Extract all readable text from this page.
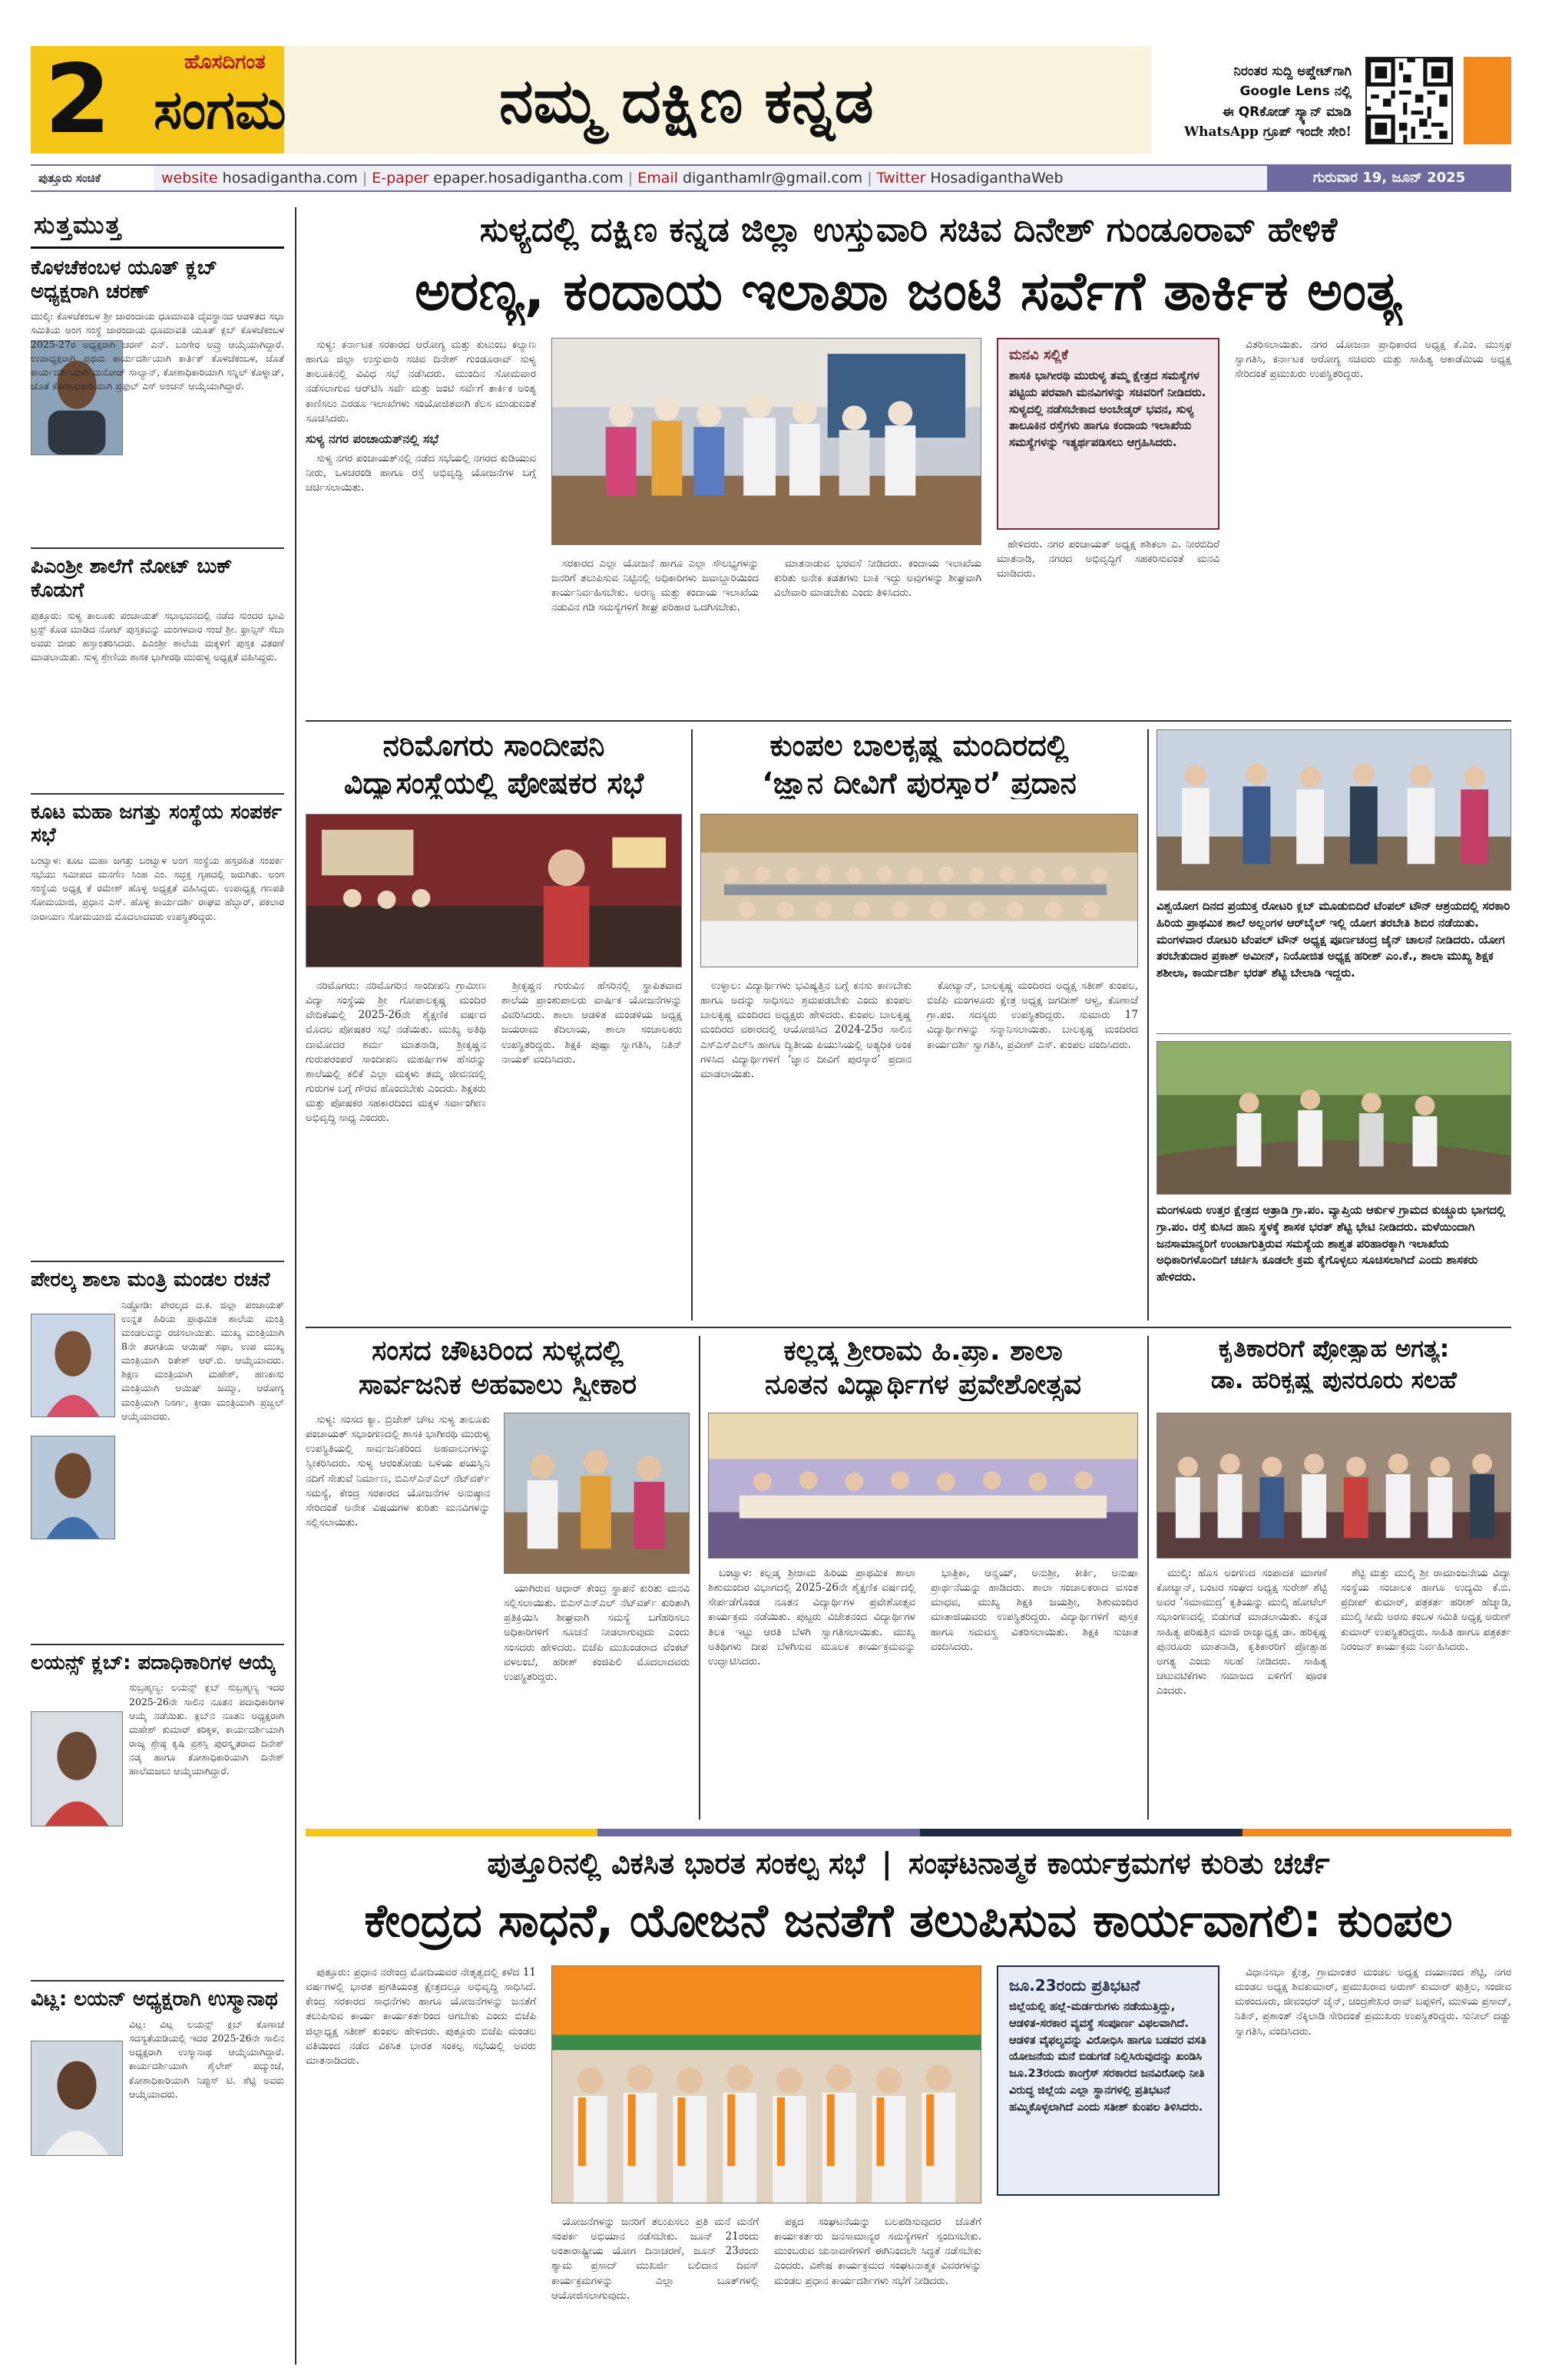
2	ಹೊಸದಿಗಂತ
ಸಂಗಮ	ನಮ್ಮ ದಕ್ಷಿಣ ಕನ್ನಡ	ನಿರಂತರ ಸುದ್ದಿ ಅಪ್ಡೇಟ್‌ಗಾಗಿ
Google Lens ನಲ್ಲಿ
ಈ QRಕೋಡ್ ಸ್ಕ್ಯಾನ್ ಮಾಡಿ
WhatsApp ಗ್ರೂಪ್ ಇಂದೇ ಸೇರಿ!
ಪುತ್ತೂರು ಸಂಚಿಕೆ	website hosadigantha.com | E-paper epaper.hosadigantha.com | Email diganthamlr@gmail.com | Twitter HosadiganthaWeb	ಗುರುವಾರ 19, ಜೂನ್ 2025
ಸುತ್ತಮುತ್ತ
ಕೊಳಚೆಕಂಬಳ ಯೂತ್ ಕ್ಲಬ್ ಅಧ್ಯಕ್ಷರಾಗಿ ಚರಣ್
ಮುಲ್ಕಿ: ಕೊಳಚೆಕಂಬಳ ಶ್ರೀ ಜಾರಂದಾಯ ಧೂಮಾವತಿ ದೈವಸ್ಥಾನದ ಆಡಳಿತದ ಸಭಾ ಸಮಿತಿಯ ಅಂಗ ಸಂಸ್ಥೆ ಜಾರಂದಾಯ ಧೂಮಾವತಿ ಯೂತ್ ಕ್ಲಬ್ ಕೊಳಚೆಕಂಬಳ 2025-27ರ ಅಧ್ಯಕ್ಷರಾಗಿ ಚರಣ್ ಎನ್. ಬಂಗೇರ ಅವ್ರು ಆಯ್ಕೆಯಾಗಿದ್ದಾರೆ. ಉಪಾಧ್ಯಕ್ಷರಾಗಿ ಪ್ರಥಮ ಕಾರ್ಯದರ್ಶಿಯಾಗಿ ಕಾರ್ತಿಕ್ ಕೊಳಚೆಕಂಬಳ, ಜೊತೆ ಕಾರ್ಯದರ್ಶಿಯಾಗಿ ಮನೋಜ್ ಸಾಲ್ಯಾನ್, ಕೋಶಾಧಿಕಾರಿಯಾಗಿ ಸನ್ನಿಲ್ ಕೊಳ್ನಾಡ್, ಜೊತೆ ಕೋಶಾಧಿಕಾರಿಯಾಗಿ ಪ್ರಫುಲ್ ಎಸ್ ಅಂಚನ್ ಆಯ್ಕೆಯಾಗಿದ್ದಾರೆ.
ಪಿಎಂಶ್ರೀ ಶಾಲೆಗೆ ನೋಟ್ ಬುಕ್ ಕೊಡುಗೆ
ಪುತ್ತೂರು: ಸುಳ್ಯ ತಾಲೂಕು ಪಂಚಾಯತ್ ಸಭಾಭವನದಲ್ಲಿ ನಡೆದ ಸುಂದರ ಭಾವಿ ಟ್ರಸ್ಟ್ ಕೊಡ ಮಾಡಿದ ನೋಟ್ ಪುಸ್ತಕವನ್ನು ಮಂಗಳವಾರ ಸಂಜೆ ಶ್ರೀ. ಫ್ರಾನ್ಸಿಸ್ ಸೆಬಾ ಅವರು ಬೀಡು ಹಸ್ತಾಂತರಿಸಿದರು. ಪಿಎಂಶ್ರೀ ಶಾಲೆಯ ಮಕ್ಕಳಿಗೆ ಪುಸ್ತಕ ವಿತರಣೆ ಮಾಡಲಾಯಿತು. ಸುಳ್ಯ ಶ್ರೇಣಿಯ ಶಾಸಕ ಭಾಗೀರಥಿ ಮುರುಳ್ಯ ಅಧ್ಯಕ್ಷತೆ ವಹಿಸಿದ್ದರು.
ಕೂಟ ಮಹಾ ಜಗತ್ತು ಸಂಸ್ಥೆಯ ಸಂಪರ್ಕ ಸಭೆ
ಬಂಟ್ವಾಳ: ಕೂಟ ಮಹಾ ಜಗತ್ತು ಬಂಟ್ವಾಳ ಅಂಗ ಸಂಸ್ಥೆಯ ಹಸ್ತರಹಿತ ಸಂಪರ್ಕ ಸಭೆಯು ಸಮೀಪದ ಮನಗೆಣ ಸಿಂಹ ಎಂ. ಸದ್ಭಕ್ತ ಗೃಹದಲ್ಲಿ ಜರುಗಿತು. ಅಂಗ ಸಂಸ್ಥೆಯ ಅಧ್ಯಕ್ಷ ಕೆ ರಮೇಶ್ ಹೊಳ್ಳ ಅಧ್ಯಕ್ಷತೆ ವಹಿಸಿದ್ದರು. ಉಪಾಧ್ಯಕ್ಷ ಗಣಪತಿ ಸೋಮಯಾಜಿ, ಪ್ರಧಾನ ಎಸ್. ಹೊಳ್ಳ ಕಾರ್ಯದರ್ಶಿ ರಾಘವ ಹೆಬ್ಬಾರ್, ಪಕಲಾರ ನಾರಾಯಣ ಸೋಮಯಾಜಿ ಮೊದಲಾದವರು ಉಪಸ್ಥಿತರಿದ್ದರು.
ಪೇರಲ್ಕ ಶಾಲಾ ಮಂತ್ರಿ ಮಂಡಲ ರಚನೆ
ನಿಡ್ಡೋಡಿ: ಪೇರಲ್ಕದ ದ.ಕ. ಜಿಲ್ಲಾ ಪಂಚಾಯತ್ ಉನ್ನತ ಹಿರಿಯ ಪ್ರಾಥಮಿಕ ಶಾಲೆಯ ಮಂತ್ರಿ ಮಂಡಲವನ್ನು ರಚಿಸಲಾಯಿತು. ಮುಖ್ಯ ಮಂತ್ರಿಯಾಗಿ 8ನೇ ತರಗತಿಯ ಆಯಿಷ್ ಸಫಾ, ಉಪ ಮುಖ್ಯ ಮಂತ್ರಿಯಾಗಿ ರಿತೇಶ್ ಆರ್.ಬಿ. ಆಯ್ಕೆಯಾದರು. ಶಿಕ್ಷಣ ಮಂತ್ರಿಯಾಗಿ ಮಹೇಶ್, ಹಣಕಾಸು ಮಂತ್ರಿಯಾಗಿ ಆಯಿಷ್ ಜಮ್ಮಾ, ಆರೋಗ್ಯ ಮಂತ್ರಿಯಾಗಿ ನಿಸರ್ಗ, ಕ್ರೀಡಾ ಮಂತ್ರಿಯಾಗಿ ಪ್ರಜ್ವಲ್ ಆಯ್ಕೆಯಾದರು.
ಲಯನ್ಸ್ ಕ್ಲಬ್: ಪದಾಧಿಕಾರಿಗಳ ಆಯ್ಕೆ
ಸುಬ್ರಹ್ಮಣ್ಯ: ಲಯನ್ಸ್ ಕ್ಲಬ್ ಸುಬ್ರಹ್ಮಣ್ಯ ಇದರ 2025-26ನೇ ಸಾಲಿನ ನೂತನ ಪದಾಧಿಕಾರಿಗಳ ಆಯ್ಕೆ ನಡೆಯಿತು. ಕ್ಲಬ್‌ನ ನೂತನ ಅಧ್ಯಕ್ಷರಾಗಿ ಮಹೇಶ್ ಕುಮಾರ್ ಕರಿಕ್ಕಳ, ಕಾರ್ಯದರ್ಶಿಯಾಗಿ ರಾಜ್ಯ ಶ್ರೇಷ್ಠ ಕೃಷಿ ಪ್ರಶಸ್ತಿ ಪುರಸ್ಕೃತರಾದ ದಿನೇಶ್ ನಡ್ಕ ಹಾಗೂ ಕೋಶಾಧಿಕಾರಿಯಾಗಿ ದಿನೇಶ್ ಹಾಲೆಮಜಲು ಆಯ್ಕೆಯಾಗಿದ್ದಾರೆ.
ವಿಟ್ಲ: ಲಯನ್ ಅಧ್ಯಕ್ಷರಾಗಿ ಉಸ್ಮಾನಾಥ
ವಿಟ್ಲ: ವಿಟ್ಲ ಲಯನ್ಸ್ ಕ್ಲಬ್ ಕೊಣಾಜೆ ಸದಸ್ಯತೆಯಡಿಯಲ್ಲಿ ಇದರ 2025-26ನೇ ಸಾಲಿನ ಅಧ್ಯಕ್ಷರಾಗಿ ಉಸ್ಮಾನಾಥ ಆಯ್ಕೆಯಾಗಿದ್ದಾರೆ. ಕಾರ್ಯದರ್ಶಿಯಾಗಿ ಶೈಲೇಶ್ ಪದ್ಮುಂಜೆ, ಕೋಶಾಧಿಕಾರಿಯಾಗಿ ನಿಪ್ಪುಸ್ ಟಿ. ಶೆಟ್ಟಿ ಅವರು ಆಯ್ಕೆಯಾದರು.
ಸುಳ್ಯದಲ್ಲಿ ದಕ್ಷಿಣ ಕನ್ನಡ ಜಿಲ್ಲಾ ಉಸ್ತುವಾರಿ ಸಚಿವ ದಿನೇಶ್ ಗುಂಡೂರಾವ್ ಹೇಳಿಕೆ
ಅರಣ್ಯ, ಕಂದಾಯ ಇಲಾಖಾ ಜಂಟಿ ಸರ್ವೆಗೆ ತಾರ್ಕಿಕ ಅಂತ್ಯ

ಸುಳ್ಯ: ಕರ್ನಾಟಕ ಸರಕಾರದ ಆರೋಗ್ಯ ಮತ್ತು ಕುಟುಂಬ ಕಲ್ಯಾಣ ಹಾಗೂ ಜಿಲ್ಲಾ ಉಸ್ತುವಾರಿ ಸಚಿವ ದಿನೇಶ್ ಗುಂಡೂರಾವ್ ಸುಳ್ಯ ತಾಲೂಕಿನಲ್ಲಿ ವಿವಿಧ ಸಭೆ ನಡೆಸಿದರು. ಮುಂದಿನ ಸೋಮವಾರ ನಡೆಸಲಾಗುವ ಆರ್‌ಟಿಸಿ ಸರ್ವೆ ಮತ್ತು ಜಂಟಿ ಸರ್ವೆಗೆ ತಾರ್ಕಿಕ ಅಂತ್ಯ ಕಾಣಿಸಲು ಎರಡೂ ಇಲಾಖೆಗಳು ಸಂಯೋಜಿತವಾಗಿ ಕೆಲಸ ಮಾಡುವಂತೆ ಸೂಚಿಸಿದರು.

ಸುಳ್ಯ ನಗರ ಪಂಚಾಯತ್‌ನಲ್ಲಿ ಸಭೆ

ಸುಳ್ಯ ನಗರ ಪಂಚಾಯತ್‌ನಲ್ಲಿ ನಡೆದ ಸಭೆಯಲ್ಲಿ ನಗರದ ಕುಡಿಯುವ ನೀರು, ಒಳಚರಂಡಿ ಹಾಗೂ ರಸ್ತೆ ಅಭಿವೃದ್ಧಿ ಯೋಜನೆಗಳ ಬಗ್ಗೆ ಚರ್ಚಿಸಲಾಯಿತು.

ಸರಕಾರದ ಎಲ್ಲಾ ಯೋಜನೆ ಹಾಗೂ ಎಲ್ಲಾ ಸೌಲಭ್ಯಗಳನ್ನು ಜನರಿಗೆ ತಲುಪಿಸುವ ನಿಟ್ಟಿನಲ್ಲಿ ಅಧಿಕಾರಿಗಳು ಜವಾಬ್ದಾರಿಯಿಂದ ಕಾರ್ಯನಿರ್ವಹಿಸಬೇಕು. ಅರಣ್ಯ ಮತ್ತು ಕಂದಾಯ ಇಲಾಖೆಯ ನಡುವಿನ ಗಡಿ ಸಮಸ್ಯೆಗಳಿಗೆ ಶೀಘ್ರ ಪರಿಹಾರ ಒದಗಿಸಬೇಕು.

ಮಾತನಾಡುವ ಭರವಸೆ ನೀಡಿದರು. ಕಂದಾಯ ಇಲಾಖೆಯ ಕುರಿತು ಅನೇಕ ಕಡತಗಳು ಬಾಕಿ ಇದ್ದು ಅವುಗಳನ್ನು ಶೀಘ್ರವಾಗಿ ವಿಲೇವಾರಿ ಮಾಡಬೇಕು ಎಂದು ತಿಳಿಸಿದರು.

ಮನವಿ ಸಲ್ಲಿಕೆ
ಶಾಸಕಿ ಭಾಗೀರಥಿ ಮುರುಳ್ಯ ತಮ್ಮ ಕ್ಷೇತ್ರದ ಸಮಸ್ಯೆಗಳ ಪಟ್ಟಿಯ ಪರವಾಗಿ ಮನವಿಗಳನ್ನು ಸಚಿವರಿಗೆ ನೀಡಿದರು. ಸುಳ್ಯದಲ್ಲಿ ನಡೆಸಬೇಕಾದ ಅಂಬೇಡ್ಕರ್ ಭವನ, ಸುಳ್ಯ ತಾಲೂಕಿನ ರಸ್ತೆಗಳು ಹಾಗೂ ಕಂದಾಯ ಇಲಾಖೆಯ ಸಮಸ್ಯೆಗಳನ್ನು ಇತ್ಯರ್ಥಪಡಿಸಲು ಆಗ್ರಹಿಸಿದರು.

ಹೇಳಿದರು. ನಗರ ಪಂಚಾಯತ್ ಅಧ್ಯಕ್ಷ ಶಶಿಕಲಾ ಎ. ನೀರಬಿದಿರೆ ಮಾತನಾಡಿ, ನಗರದ ಅಭಿವೃದ್ಧಿಗೆ ಸಹಕರಿಸುವಂತೆ ಮನವಿ ಮಾಡಿದರು.

ವಿತರಿಸಲಾಯಿತು. ನಗರ ಯೋಜನಾ ಪ್ರಾಧಿಕಾರದ ಅಧ್ಯಕ್ಷ ಕೆ.ಎಂ. ಮುಸ್ತಫ ಸ್ವಾಗತಿಸಿ, ಕರ್ನಾಟಕ ಆರೋಗ್ಯ ಸಚಿವರು ಮತ್ತು ಸಾಹಿತ್ಯ ಆಕಾಡೆಮಿಯ ಅಧ್ಯಕ್ಷ ಸೇರಿದಂತೆ ಪ್ರಮುಖರು ಉಪಸ್ಥಿತರಿದ್ದರು.

ನರಿಮೊಗರು ಸಾಂದೀಪನಿ
ವಿದ್ಯಾಸಂಸ್ಥೆಯಲ್ಲಿ ಪೋಷಕರ ಸಭೆ

ನರಿಮೊಗರು: ನರಿಮೊಗರಿನ ಸಾಂದೀಪನಿ ಗ್ರಾಮೀಣ ವಿದ್ಯಾ ಸಂಸ್ಥೆಯ ಶ್ರೀ ಗೋಪಾಲಕೃಷ್ಣ ಮಂದಿರ ವೇದಿಕೆಯಲ್ಲಿ 2025-26ನೇ ಶೈಕ್ಷಣಿಕ ವರ್ಷದ ಮೊದಲ ಪೋಷಕರ ಸಭೆ ನಡೆಯಿತು. ಮುಖ್ಯ ಅತಿಥಿ ದಾಮೋದರ ಶರ್ಮ ಮಾತನಾಡಿ, ಶ್ರೀಕೃಷ್ಣನ ಗುರುಪರಂಪರೆ ಸಾಂದೀಪನಿ ಮಹರ್ಷಿಗಳ ಹೆಸರನ್ನು ಶಾಲೆಯಲ್ಲಿ ಕಲಿಕೆ ಎಲ್ಲಾ ಮಕ್ಕಳು ತಮ್ಮ ಜೀವನದಲ್ಲಿ ಗುರುಗಳ ಬಗ್ಗೆ ಗೌರವ ಹೊಂದಬೇಕು ಎಂದರು. ಶಿಕ್ಷಕರು ಮತ್ತು ಪೋಷಕರ ಸಹಕಾರದಿಂದ ಮಕ್ಕಳ ಸರ್ವಾಂಗೀಣ ಅಭಿವೃದ್ಧಿ ಸಾಧ್ಯ ಎಂದರು.

ಶ್ರೀಕೃಷ್ಣನ ಗುರುವಿನ ಹೆಸರಿನಲ್ಲಿ ಸ್ಥಾಪಿತವಾದ ಶಾಲೆಯ ಪ್ರಾಂಶುಪಾಲರು ವಾರ್ಷಿಕ ಯೋಜನೆಗಳನ್ನು ವಿವರಿಸಿದರು. ಶಾಲಾ ಆಡಳಿತ ಮಂಡಳಿಯ ಅಧ್ಯಕ್ಷ ಜಯರಾಮ ಕೆದಿಲಾಯ, ಶಾಲಾ ಸಂಚಾಲಕರು ಉಪಸ್ಥಿತರಿದ್ದರು. ಶಿಕ್ಷಕಿ ಪುಷ್ಪಾ ಸ್ವಾಗತಿಸಿ, ನಿತಿನ್ ನಾಯಕ್ ವಂದಿಸಿದರು.

ಕುಂಪಲ ಬಾಲಕೃಷ್ಣ ಮಂದಿರದಲ್ಲಿ
‘ಜ್ಞಾನ ದೀವಿಗೆ ಪುರಸ್ಕಾರ’ ಪ್ರದಾನ

ಉಳ್ಳಾಲ: ವಿದ್ಯಾರ್ಥಿಗಳು ಭವಿಷ್ಯತ್ತಿನ ಬಗ್ಗೆ ಕನಸು ಕಾಣಬೇಕು ಹಾಗೂ ಅದನ್ನು ಸಾಧಿಸಲು ಶ್ರಮಪಡಬೇಕು ಎಂದು ಕುಂಪಲ ಬಾಲಕೃಷ್ಣ ಮಂದಿರದ ಅಧ್ಯಕ್ಷರು ಹೇಳಿದರು. ಕುಂಪಲ ಬಾಲಕೃಷ್ಣ ಮಂದಿರದ ವಠಾರದಲ್ಲಿ ಆಯೋಜಿಸಿದ 2024-25ರ ಸಾಲಿನ ಎಸ್ಎಸ್ಎಲ್‌ಸಿ ಹಾಗೂ ದ್ವಿತೀಯ ಪಿಯುಸಿಯಲ್ಲಿ ಅತ್ಯಧಿಕ ಅಂಕ ಗಳಿಸಿದ ವಿದ್ಯಾರ್ಥಿಗಳಿಗೆ ‘ಜ್ಞಾನ ದೀವಿಗೆ ಪುರಸ್ಕಾರ’ ಪ್ರದಾನ ಮಾಡಲಾಯಿತು.

ಕೋಟ್ಯಾನ್, ಬಾಲಕೃಷ್ಣ ಮಂದಿರದ ಅಧ್ಯಕ್ಷ ಸತೀಶ್ ಕುಂಪಲ, ಬಿಜೆಪಿ ಮಂಗಳೂರು ಕ್ಷೇತ್ರ ಅಧ್ಯಕ್ಷ ಜಗದೀಶ್ ಆಳ್ವ, ಕೊಣಾಜೆ ಗ್ರಾ.ಪಂ. ಸದಸ್ಯರು ಉಪಸ್ಥಿತರಿದ್ದರು. ಸುಮಾರು 17 ವಿದ್ಯಾರ್ಥಿಗಳನ್ನು ಸನ್ಮಾನಿಸಲಾಯಿತು. ಬಾಲಕೃಷ್ಣ ಮಂದಿರದ ಕಾರ್ಯದರ್ಶಿ ಸ್ವಾಗತಿಸಿ, ಪ್ರವೀಣ್ ಎಸ್. ಕುಂಪಲ ವಂದಿಸಿದರು.

ವಿಶ್ವಯೋಗ ದಿನದ ಪ್ರಯುಕ್ತ ರೋಟರಿ ಕ್ಲಬ್ ಮೂಡುಬಿದಿರೆ ಟೆಂಪಲ್ ಟೌನ್ ಆಶ್ರಯದಲ್ಲಿ ಸರಕಾರಿ ಹಿರಿಯ ಪ್ರಾಥಮಿಕ ಶಾಲೆ ಅಲ್ಲಂಗಳ ಆರ್‌ಬೈಲ್ ಇಲ್ಲಿ ಯೋಗ ತರಬೇತಿ ಶಿಬಿರ ನಡೆಯಿತು. ಮಂಗಳವಾರ ರೋಟರಿ ಟೆಂಪಲ್ ಟೌನ್ ಅಧ್ಯಕ್ಷ ಪೂರ್ಣಚಂದ್ರ ಜೈನ್ ಚಾಲನೆ ನೀಡಿದರು. ಯೋಗ ತರಬೇತುದಾರ ಪ್ರಕಾಶ್ ಅಮೀನ್, ನಿಯೋಜಿತ ಅಧ್ಯಕ್ಷ ಹರೀಶ್ ಎಂ.ಕೆ., ಶಾಲಾ ಮುಖ್ಯ ಶಿಕ್ಷಕ ಶಶೀಲಾ, ಕಾರ್ಯದರ್ಶಿ ಭರತ್ ಶೆಟ್ಟಿ ಬೇಲಾಡಿ ಇದ್ದರು.
ಮಂಗಳೂರು ಉತ್ತರ ಕ್ಷೇತ್ರದ ಅತ್ರಾಡಿ ಗ್ರಾ.ಪಂ. ವ್ಯಾಪ್ತಿಯ ಆರ್ಕುಳ ಗ್ರಾಮದ ಕುಚ್ಚೂರು ಭಾಗದಲ್ಲಿ ಗ್ರಾ.ಪಂ. ರಸ್ತೆ ಕುಸಿದ ಹಾನಿ ಸ್ಥಳಕ್ಕೆ ಶಾಸಕ ಭರತ್ ಶೆಟ್ಟಿ ಭೇಟಿ ನೀಡಿದರು. ಮಳೆಯಿಂದಾಗಿ ಜನಸಾಮಾನ್ಯರಿಗೆ ಉಂಟಾಗುತ್ತಿರುವ ಸಮಸ್ಯೆಯ ಶಾಶ್ವತ ಪರಿಹಾರಕ್ಕಾಗಿ ಇಲಾಖೆಯ ಅಧಿಕಾರಿಗಳೊಂದಿಗೆ ಚರ್ಚಿಸಿ ಕೂಡಲೇ ಕ್ರಮ ಕೈಗೊಳ್ಳಲು ಸೂಚಿಸಲಾಗಿದೆ ಎಂದು ಶಾಸಕರು ಹೇಳಿದರು.
ಸಂಸದ ಚೌಟರಿಂದ ಸುಳ್ಯದಲ್ಲಿ
ಸಾರ್ವಜನಿಕ ಅಹವಾಲು ಸ್ವೀಕಾರ

ಸುಳ್ಯ: ಸಂಸದ ಕ್ಯಾ. ಬ್ರಿಜೇಶ್ ಚೌಟ ಸುಳ್ಯ ತಾಲೂಕು ಪಂಚಾಯತ್ ಸಭಾಂಗಣದಲ್ಲಿ ಶಾಸಕಿ ಭಾಗೀರಥಿ ಮುರುಳ್ಯ ಉಪಸ್ಥಿತಿಯಲ್ಲಿ ಸಾರ್ವಜನಿಕರಿಂದ ಅಹವಾಲುಗಳನ್ನು ಸ್ವೀಕರಿಸಿದರು. ಸುಳ್ಯ ಆರಂತೋಡು ಬಳಿಯ ಪಯಸ್ವಿನಿ ನದಿಗೆ ಸೇತುವೆ ನಿರ್ಮಾಣ, ಬಿಎಸ್‌ಎನ್‌ಎಲ್ ನೆಟ್‌ವರ್ಕ್ ಸಮಸ್ಯೆ, ಕೇಂದ್ರ ಸರಕಾರದ ಯೋಜನೆಗಳ ಅನುಷ್ಠಾನ ಸೇರಿದಂತೆ ಅನೇಕ ವಿಷಯಗಳ ಕುರಿತು ಮನವಿಗಳನ್ನು ಸಲ್ಲಿಸಲಾಯಿತು.

ಯಾಗಿರುವ ಆಧಾರ್ ಕೇಂದ್ರ ಸ್ಥಾಪನೆ ಕುರಿತು ಮನವಿ ಸಲ್ಲಿಸಲಾಯಿತು. ಬಿಎಸ್‌ಎನ್‌ಎಲ್ ನೆಟ್‌ವರ್ಕ್ ಕುರಿತಾಗಿ ಪ್ರತಿಕ್ರಿಯಿಸಿ ಶೀಘ್ರವಾಗಿ ಸಮಸ್ಯೆ ಬಗೆಹರಿಸಲು ಅಧಿಕಾರಿಗಳಿಗೆ ಸೂಚನೆ ನೀಡಲಾಗುವುದು ಎಂದು ಸಂಸದರು ಹೇಳಿದರು. ಬಿಜೆಪಿ ಮುಖಂಡರಾದ ವೆಂಕಟ್ ವಳಲಂಬೆ, ಹರೀಶ್ ಕಂಜಿಪಿಲಿ ಮೊದಲಾದವರು ಉಪಸ್ಥಿತರಿದ್ದರು.

ಕಲ್ಲಡ್ಕ ಶ್ರೀರಾಮ ಹಿ.ಪ್ರಾ. ಶಾಲಾ
ನೂತನ ವಿದ್ಯಾರ್ಥಿಗಳ ಪ್ರವೇಶೋತ್ಸವ

ಬಂಟ್ವಾಳ: ಕಲ್ಲಡ್ಕ ಶ್ರೀರಾಮ ಹಿರಿಯ ಪ್ರಾಥಮಿಕ ಶಾಲಾ ಶಿಶುಮಂದಿರ ವಿಭಾಗದಲ್ಲಿ 2025-26ನೇ ಶೈಕ್ಷಣಿಕ ವರ್ಷದಲ್ಲಿ ಸೇರ್ಪಡೆಗೊಂಡ ನೂತನ ವಿದ್ಯಾರ್ಥಿಗಳ ಪ್ರವೇಶೋತ್ಸವ ಕಾರ್ಯಕ್ರಮ ನಡೆಯಿತು. ಪುಟ್ಟರು ವಿಜೇತನಂದ ವಿದ್ಯಾರ್ಥಿಗಳ ತಿಲಕ ಇಟ್ಟು ಆರತಿ ಬೆಳಗಿ ಸ್ವಾಗತಿಸಲಾಯಿತು. ಮುಖ್ಯ ಅತಿಥಿಗಳು ದೀಪ ಬೆಳಗಿಸುವ ಮೂಲಕ ಕಾರ್ಯಕ್ರಮವನ್ನು ಉದ್ಘಾಟಿಸಿದರು.

ಭಾತ್ರಿಕಾ, ಆನ್ವಯ್, ಅನುಶ್ರೀ, ಕೀರ್ತಿ, ಅನುಷಾ ಪ್ರಾರ್ಥನೆಯನ್ನು ಹಾಡಿದರು. ಶಾಲಾ ಸಂಚಾಲಕರಾದ ವಸಂತ ಮಾಧವ, ಮುಖ್ಯ ಶಿಕ್ಷಕಿ ಜಯಶ್ರೀ, ಶಿಶುಮಂದಿರ ಮಾತಾಜಿಯವರು ಉಪಸ್ಥಿತರಿದ್ದರು. ವಿದ್ಯಾರ್ಥಿಗಳಿಗೆ ಪುಸ್ತಕ ಹಾಗೂ ಸಮವಸ್ತ್ರ ವಿತರಿಸಲಾಯಿತು. ಶಿಕ್ಷಕಿ ಸುಜಾತ ವಂದಿಸಿದರು.

ಕೃತಿಕಾರರಿಗೆ ಪ್ರೋತ್ಸಾಹ ಅಗತ್ಯ:
ಡಾ. ಹರಿಕೃಷ್ಣ ಪುನರೂರು ಸಲಹೆ

ಮುಲ್ಕಿ: ಹೊಸ ಅಂಗಣದ ಸಂಪಾದಕ ಮಾಗಣೆ ಕೋಟ್ಯಾನ್, ಬಂಟರ ಸಂಘದ ಅಧ್ಯಕ್ಷ ಸುರೇಶ್ ಶೆಟ್ಟಿ ಅವರ ‘ಸಮಾಮುದ್ರ’ ಕೃತಿಯನ್ನು ಮುಲ್ಕಿ ಹೋಟೆಲ್ ಸಭಾಂಗಣದಲ್ಲಿ ಬಿಡುಗಡೆ ಮಾಡಲಾಯಿತು. ಕನ್ನಡ ಸಾಹಿತ್ಯ ಪರಿಷತ್ತಿನ ಮಾಜಿ ರಾಜ್ಯಾಧ್ಯಕ್ಷ ಡಾ. ಹರಿಕೃಷ್ಣ ಪುನರೂರು ಮಾತನಾಡಿ, ಕೃತಿಕಾರರಿಗೆ ಪ್ರೋತ್ಸಾಹ ಅಗತ್ಯ ಎಂದು ಸಲಹೆ ನೀಡಿದರು. ಸಾಹಿತ್ಯ ಚಟುವಟಿಕೆಗಳು ಸಮಾಜದ ಏಳಿಗೆಗೆ ಪೂರಕ ಎಂದರು.

ಶೆಟ್ಟಿ ಮತ್ತು ಮುಲ್ಕಿ ಶ್ರೀ ರಾಮಾಂಜನೇಯ ವಿದ್ಯಾ ಸಂಸ್ಥೆಯ ಸಂಚಾಲಕ ಹಾಗೂ ಉದ್ಯಮಿ ಕೆ.ಬಿ. ಪ್ರದೀಪ್ ಕುಮಾರ್, ಪತ್ರಕರ್ತ ಹರೀಶ್ ಹೆಜ್ಮಾಡಿ, ಮುಲ್ಕಿ ಸೀಮೆ ಅರಸು ಕಂಬಳ ಸಮಿತಿ ಅಧ್ಯಕ್ಷ ಅರುಣ್ ಕುಮಾರ್ ಉಪಸ್ಥಿತರಿದ್ದರು. ಸಾಹಿತಿ ಹಾಗೂ ಪತ್ರಕರ್ತ ನಿರಂಜನ್ ಕಾರ್ಯಕ್ರಮ ನಿರ್ವಹಿಸಿದರು.

ಪುತ್ತೂರಿನಲ್ಲಿ ವಿಕಸಿತ ಭಾರತ ಸಂಕಲ್ಪ ಸಭೆ | ಸಂಘಟನಾತ್ಮಕ ಕಾರ್ಯಕ್ರಮಗಳ ಕುರಿತು ಚರ್ಚೆ
ಕೇಂದ್ರದ ಸಾಧನೆ, ಯೋಜನೆ ಜನತೆಗೆ ತಲುಪಿಸುವ ಕಾರ್ಯವಾಗಲಿ: ಕುಂಪಲ

ಪುತ್ತೂರು: ಪ್ರಧಾನ ನರೇಂದ್ರ ಮೋದಿಯವರ ನೇತೃತ್ವದಲ್ಲಿ ಕಳೆದ 11 ವರ್ಷಗಳಲ್ಲಿ ಭಾರತ ಪ್ರಗತಿಯಂತ್ರ ಕ್ಷೇತ್ರದಲ್ಲೂ ಅಭಿವೃದ್ಧಿ ಸಾಧಿಸಿದೆ. ಕೇಂದ್ರ ಸರಕಾರದ ಸಾಧನೆಗಳು ಹಾಗೂ ಯೋಜನೆಗಳನ್ನು ಜನತೆಗೆ ತಲುಪಿಸುವ ಕಾರ್ಯ ಕಾರ್ಯಕರ್ತರಿಂದ ಆಗಬೇಕು ಎಂದು ಬಿಜೆಪಿ ಜಿಲ್ಲಾಧ್ಯಕ್ಷ ಸತೀಶ್ ಕುಂಪಲ ಹೇಳಿದರು. ಪುತ್ತೂರು ಬಿಜೆಪಿ ಮಂಡಲ ವತಿಯಿಂದ ನಡೆದ ವಿಕಸಿತ ಭಾರತ ಸಂಕಲ್ಪ ಸಭೆಯಲ್ಲಿ ಅವರು ಮಾತನಾಡಿದರು.

ಯೋಜನೆಗಳನ್ನು ಜನರಿಗೆ ತಲುಪಿಸಲು ಪ್ರತಿ ಮನೆ ಮನೆಗೆ ಸಂಪರ್ಕ ಅಭಿಯಾನ ನಡೆಸಬೇಕು. ಜೂನ್ 21ರಂದು ಅಂತಾರಾಷ್ಟ್ರೀಯ ಯೋಗ ದಿನಾಚರಣೆ, ಜೂನ್ 23ರಂದು ಶ್ಯಾಮ ಪ್ರಸಾದ್ ಮುಖರ್ಜಿ ಬಲಿದಾನ ದಿವಸ್ ಕಾರ್ಯಕ್ರಮಗಳನ್ನು ಎಲ್ಲಾ ಬೂತ್‌ಗಳಲ್ಲಿ ಆಯೋಜಿಸಲಾಗುವುದು.

ಪಕ್ಷದ ಸಂಘಟನೆಯನ್ನು ಬಲಪಡಿಸುವುದರ ಜೊತೆಗೆ ಕಾರ್ಯಕರ್ತರು ಜನಸಾಮಾನ್ಯರ ಸಮಸ್ಯೆಗಳಿಗೆ ಸ್ಪಂದಿಸಬೇಕು. ಮುಂಬರುವ ಚುನಾವಣೆಗಳಿಗೆ ಈಗಿನಿಂದಲೇ ಸಿದ್ಧತೆ ನಡೆಸಬೇಕು ಎಂದರು. ವಿಶೇಷ ಕಾರ್ಯಕ್ರಮದ ಸಂಘಟನಾತ್ಮಕ ವಿವರಗಳನ್ನು ಮಂಡಲ ಪ್ರಧಾನ ಕಾರ್ಯದರ್ಶಿಗಳು ಸಭೆಗೆ ನೀಡಿದರು.

ಜೂ.23ರಂದು ಪ್ರತಿಭಟನೆ
ಜಿಲ್ಲೆಯಲ್ಲಿ ಹಲ್ಲೆ-ಮರ್ಡರುಗಳು ನಡೆಯುತ್ತಿದ್ದು, ಆಡಳಿತ-ಸರಕಾರ ವ್ಯವಸ್ಥೆ ಸಂಪೂರ್ಣ ವಿಫಲವಾಗಿದೆ. ಆಡಳಿತ ವೈಫಲ್ಯವನ್ನು ವಿರೋಧಿಸಿ ಹಾಗೂ ಬಡವರ ವಸತಿ ಯೋಜನೆಯ ಮನೆ ಬಿಡುಗಡೆ ನಿಲ್ಲಿಸಿರುವುದನ್ನು ಖಂಡಿಸಿ ಜೂ.23ರಂದು ಕಾಂಗ್ರೆಸ್ ಸರಕಾರದ ಜನವಿರೋಧಿ ನೀತಿ ವಿರುದ್ಧ ಜಿಲ್ಲೆಯ ಎಲ್ಲಾ ಸ್ಥಾನಗಳಲ್ಲಿ ಪ್ರತಿಭಟನೆ ಹಮ್ಮಿಕೊಳ್ಳಲಾಗಿದೆ ಎಂದು ಸತೀಶ್ ಕುಂಪಲ ತಿಳಿಸಿದರು.

ವಿಧಾನಸಭಾ ಕ್ಷೇತ್ರ, ಗ್ರಾಮಾಂತರ ಮಂಡಲ ಅಧ್ಯಕ್ಷ ದಯಾನಂದ ಶೆಟ್ಟಿ, ನಗರ ಮಂಡಲ ಅಧ್ಯಕ್ಷ ಶಿವಕುಮಾರ್, ಪ್ರಮುಖರಾದ ಅರುಣ್ ಕುಮಾರ್ ಪುತ್ತಿಲ, ಸಂಜೀವ ಮಠಂದೂರು, ಜೀವಂಧರ್ ಜೈನ್, ಚಂದ್ರಶೇಖರ ರಾವ್ ಬಪ್ಪಳಿಗೆ, ಮುಳಿಯ ಪ್ರಸಾದ್, ನಿತಿನ್, ಪ್ರಶಾಂತ್ ನೆಕ್ಕಿಲಾಡಿ ಸೇರಿದಂತೆ ಪ್ರಮುಖರು ಉಪಸ್ಥಿತರಿದ್ದರು. ಸುನೀಲ್ ದಡ್ಡು ಸ್ವಾಗತಿಸಿ, ವಂದಿಸಿದರು.
